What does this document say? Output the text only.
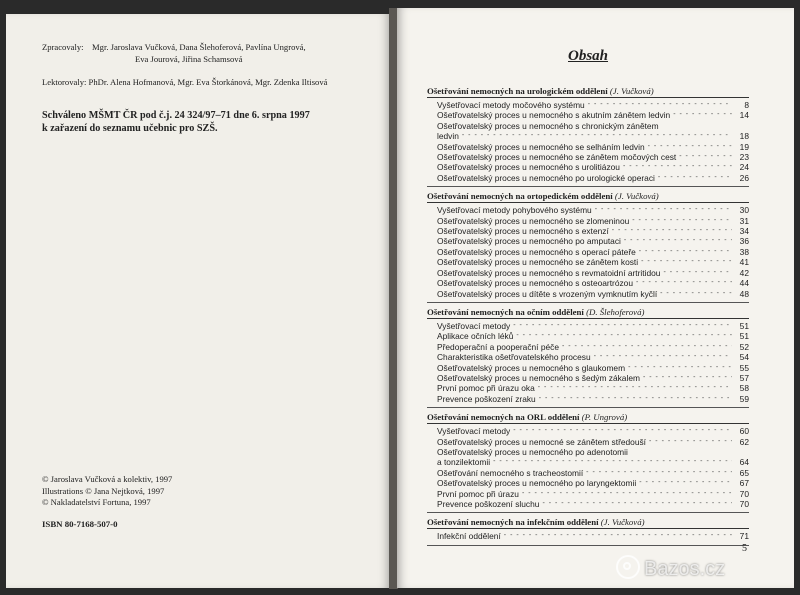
Zpracovaly: Mgr. Jaroslava Vučková, Dana Šlehoferová, Pavlína Ungrová,
Eva Jourová, Jiřina Schamsová
Lektorovaly: PhDr. Alena Hofmanová, Mgr. Eva Štorkánová, Mgr. Zdenka Iltisová
Schváleno MŠMT ČR pod č.j. 24 324/97–71 dne 6. srpna 1997
k zařazení do seznamu učebnic pro SZŠ.
© Jaroslava Vučková a kolektiv, 1997
Illustrations © Jana Nejtková, 1997
© Nakladatelství Fortuna, 1997
ISBN 80-7168-507-0
Obsah
Ošetřování nemocných na urologickém oddělení (J. Vučková)
Vyšetřovací metody močového systému - - -	8
Ošetřovatelský proces u nemocného s akutním zánětem ledvin - - -	14
Ošetřovatelský proces u nemocného s chronickým zánětem
ledvin - - -	18
Ošetřovatelský proces u nemocného se selháním ledvin - - -	19
Ošetřovatelský proces u nemocného se zánětem močových cest - - -	23
Ošetřovatelský proces u nemocného s urolitiázou - - -	24
Ošetřovatelský proces u nemocného po urologické operaci - - -	26
Ošetřování nemocných na ortopedickém oddělení (J. Vučková)
Vyšetřovací metody pohybového systému - - -	30
Ošetřovatelský proces u nemocného se zlomeninou - - -	31
Ošetřovatelský proces u nemocného s extenzí - - -	34
Ošetřovatelský proces u nemocného po amputaci - - -	36
Ošetřovatelský proces u nemocného s operací páteře - - -	38
Ošetřovatelský proces u nemocného se zánětem kosti - - -	41
Ošetřovatelský proces u nemocného s revmatoidní artritidou - - -	42
Ošetřovatelský proces u nemocného s osteoartrózou - - -	44
Ošetřovatelský proces u dítěte s vrozeným vymknutím kyčlí - - -	48
Ošetřování nemocných na očním oddělení (D. Šlehoferová)
Vyšetřovací metody - - -	51
Aplikace očních léků - - -	51
Předoperační a pooperační péče - - -	52
Charakteristika ošetřovatelského procesu - - -	54
Ošetřovatelský proces u nemocného s glaukomem - - -	55
Ošetřovatelský proces u nemocného s šedým zákalem - - -	57
První pomoc při úrazu oka - - -	58
Prevence poškození zraku - - -	59
Ošetřování nemocných na ORL oddělení (P. Ungrová)
Vyšetřovací metody - - -	60
Ošetřovatelský proces u nemocné se zánětem středouší - - -	62
Ošetřovatelský proces u nemocného po adenotomii
a tonzilektomii - - -	64
Ošetřování nemocného s tracheostomií - - -	65
Ošetřovatelský proces u nemocného po laryngektomii - - -	67
První pomoc při úrazu - - -	70
Prevence poškození sluchu - - -	70
Ošetřování nemocných na infekčním oddělení (J. Vučková)
Infekční oddělení - - -	71
5
Bazos.cz
